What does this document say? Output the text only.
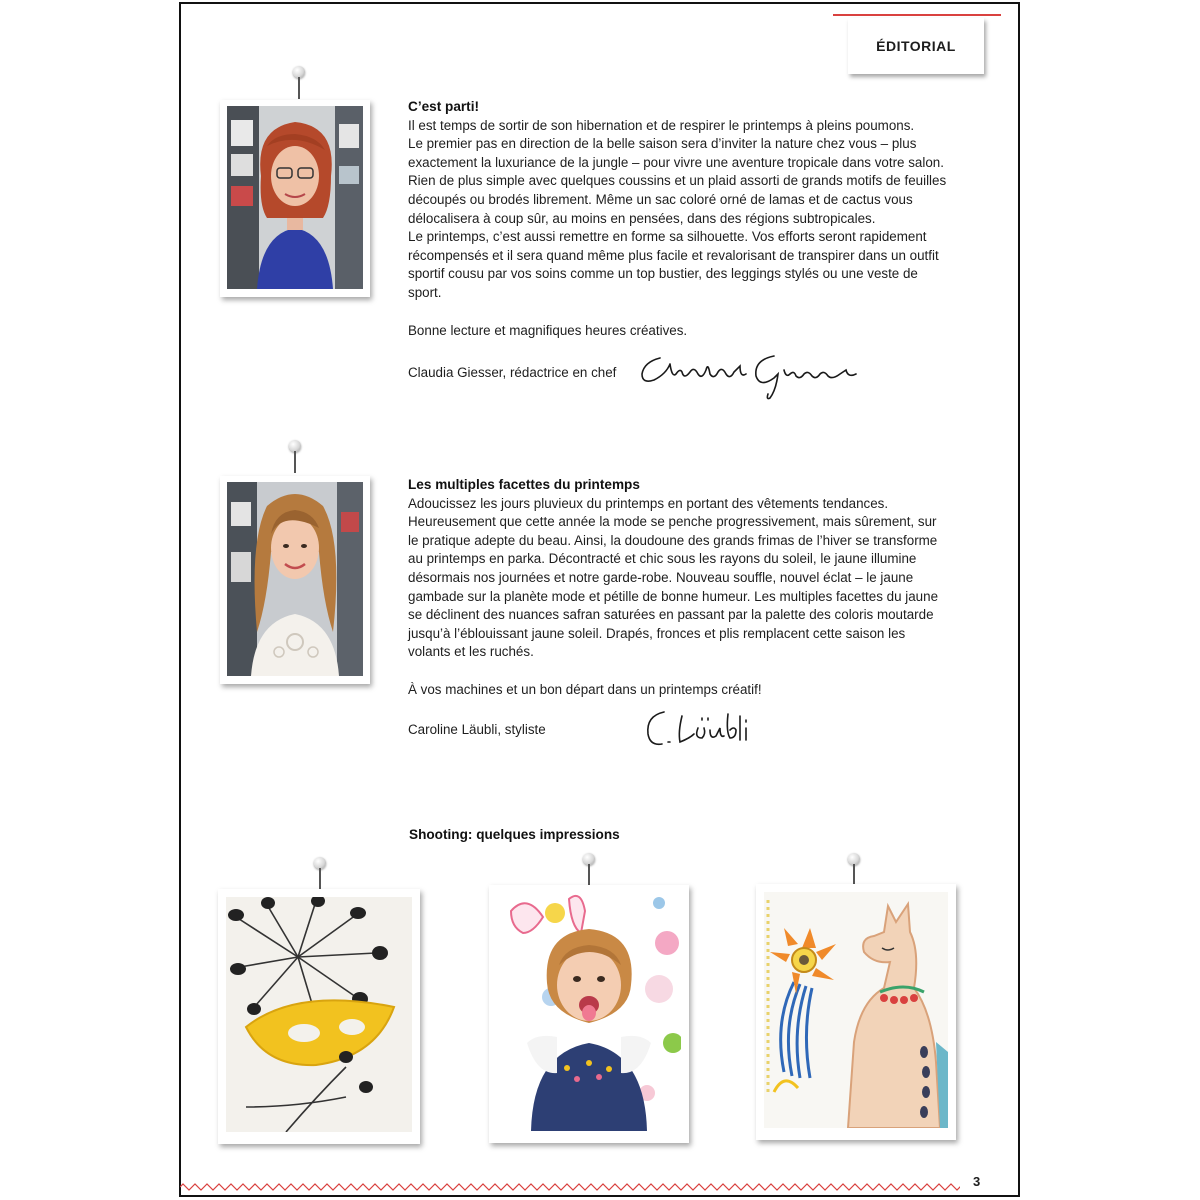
ÉDITORIAL
C’est parti!

Il est temps de sortir de son hibernation et de respirer le printemps à pleins poumons.

Le premier pas en direction de la belle saison sera d’inviter la nature chez vous – plus

exactement la luxuriance de la jungle – pour vivre une aventure tropicale dans votre salon.

Rien de plus simple avec quelques coussins et un plaid assorti de grands motifs de feuilles

découpés ou brodés librement. Même un sac coloré orné de lamas et de cactus vous

délocalisera à coup sûr, au moins en pensées, dans des régions subtropicales.

Le printemps, c’est aussi remettre en forme sa silhouette. Vos efforts seront rapidement

récompensés et il sera quand même plus facile et revalorisant de transpirer dans un outfit

sportif cousu par vos soins comme un top bustier, des leggings stylés ou une veste de

sport.

Bonne lecture et magnifiques heures créatives.

Claudia Giesser, rédactrice en chef
Les multiples facettes du printemps

Adoucissez les jours pluvieux du printemps en portant des vêtements tendances.

Heureusement que cette année la mode se penche progressivement, mais sûrement, sur

le pratique adepte du beau. Ainsi, la doudoune des grands frimas de l’hiver se transforme

au printemps en parka. Décontracté et chic sous les rayons du soleil, le jaune illumine

désormais nos journées et notre garde-robe. Nouveau souffle, nouvel éclat – le jaune

gambade sur la planète mode et pétille de bonne humeur. Les multiples facettes du jaune

se déclinent des nuances safran saturées en passant par la palette des coloris moutarde

jusqu’à l’éblouissant jaune soleil. Drapés, fronces et plis remplacent cette saison les

volants et les ruchés.

À vos machines et un bon départ dans un printemps créatif!

Caroline Läubli, styliste
Shooting: quelques impressions
3
